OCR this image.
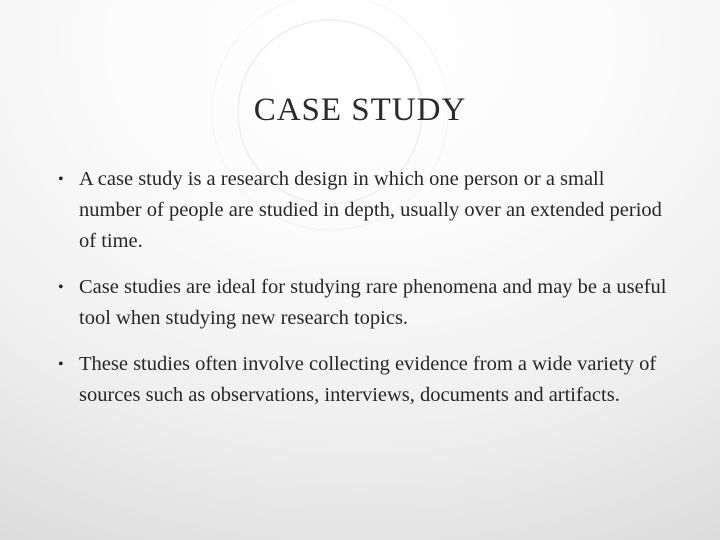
CASE STUDY
• A case study is a research design in which one person or a small number of people are studied in depth, usually over an extended period of time.
• Case studies are ideal for studying rare phenomena and may be a useful tool when studying new research topics.
• These studies often involve collecting evidence from a wide variety of sources such as observations, interviews, documents and artifacts.
